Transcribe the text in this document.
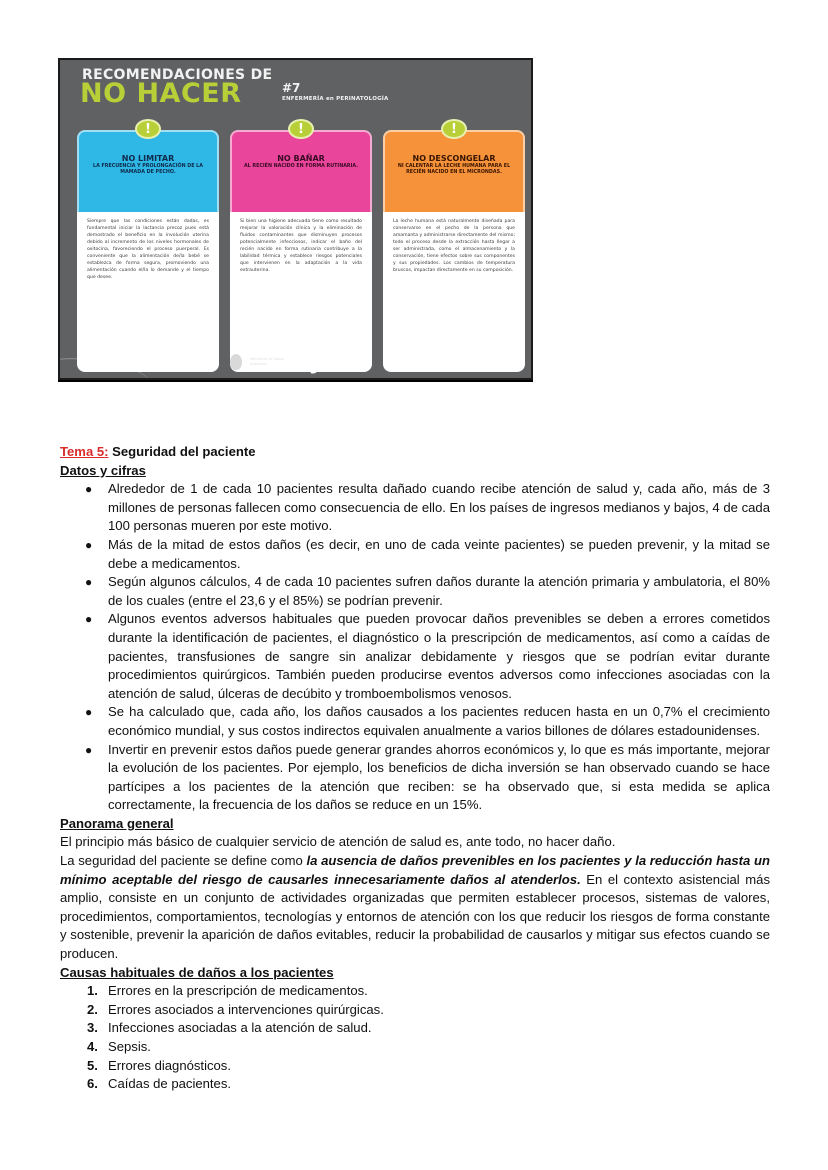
RECOMENDACIONES DE
NO HACER	#7
ENFERMERÍA en PERINATOLOGÍA
!
NO LIMITAR
LA FRECUENCIA Y PROLONGACIÓN DE LA MAMADA DE PECHO.
Siempre que las condiciones están dadas, es fundamental iniciar la lactancia precoz pues está demostrado el beneficio en la involución uterina debido al incremento de los niveles hormonales de oxitocina, favoreciendo el proceso puerperal. Es conveniente que la alimentación de/la bebé se establezca de forma segura, promoviendo una alimentación cuando el/la lo demande y el tiempo que desee.
!
NO BAÑAR
AL RECIÉN NACIDO EN FORMA RUTINARIA.
Si bien una higiene adecuada tiene como resultado mejorar la valoración clínica y la eliminación de fluidos contaminantes que disminuyen procesos potencialmente infecciosos, indicar el baño del recién nacido en forma rutinaria contribuye a la labilidad térmica y establece riesgos potenciales que intervienen en la adaptación a la vida extrauterina.
!
NO DESCONGELAR
NI CALENTAR LA LECHE HUMANA PARA EL RECIÉN NACIDO EN EL MICRONDAS.
La leche humana está naturalmente diseñada para conservarse en el pecho de la persona que amamanta y administrarse directamente del mismo; todo el proceso desde la extracción hasta llegar a ser administrada, como el almacenamiento y la conservación, tiene efectos sobre sus componentes y sus propiedades. Los cambios de temperatura bruscos, impactan directamente en su composición.
Ministerio de Salud Argentina
primero
la gente

Tema 5: Seguridad del paciente

Datos y cifras
● Alrededor de 1 de cada 10 pacientes resulta dañado cuando recibe atención de salud y, cada año, más de 3 millones de personas fallecen como consecuencia de ello. En los países de ingresos medianos y bajos, 4 de cada 100 personas mueren por este motivo.
● Más de la mitad de estos daños (es decir, en uno de cada veinte pacientes) se pueden prevenir, y la mitad se debe a medicamentos.
● Según algunos cálculos, 4 de cada 10 pacientes sufren daños durante la atención primaria y ambulatoria, el 80% de los cuales (entre el 23,6 y el 85%) se podrían prevenir.
● Algunos eventos adversos habituales que pueden provocar daños prevenibles se deben a errores cometidos durante la identificación de pacientes, el diagnóstico o la prescripción de medicamentos, así como a caídas de pacientes, transfusiones de sangre sin analizar debidamente y riesgos que se podrían evitar durante procedimientos quirúrgicos. También pueden producirse eventos adversos como infecciones asociadas con la atención de salud, úlceras de decúbito y tromboembolismos venosos.
● Se ha calculado que, cada año, los daños causados a los pacientes reducen hasta en un 0,7% el crecimiento económico mundial, y sus costos indirectos equivalen anualmente a varios billones de dólares estadounidenses.
● Invertir en prevenir estos daños puede generar grandes ahorros económicos y, lo que es más importante, mejorar la evolución de los pacientes. Por ejemplo, los beneficios de dicha inversión se han observado cuando se hace partícipes a los pacientes de la atención que reciben: se ha observado que, si esta medida se aplica correctamente, la frecuencia de los daños se reduce en un 15%.
Panorama general

El principio más básico de cualquier servicio de atención de salud es, ante todo, no hacer daño.

La seguridad del paciente se define como la ausencia de daños prevenibles en los pacientes y la reducción hasta un mínimo aceptable del riesgo de causarles innecesariamente daños al atenderlos. En el contexto asistencial más amplio, consiste en un conjunto de actividades organizadas que permiten establecer procesos, sistemas de valores, procedimientos, comportamientos, tecnologías y entornos de atención con los que reducir los riesgos de forma constante y sostenible, prevenir la aparición de daños evitables, reducir la probabilidad de causarlos y mitigar sus efectos cuando se producen.

Causas habituales de daños a los pacientes
1. Errores en la prescripción de medicamentos.
2. Errores asociados a intervenciones quirúrgicas.
3. Infecciones asociadas a la atención de salud.
4. Sepsis.
5. Errores diagnósticos.
6. Caídas de pacientes.
